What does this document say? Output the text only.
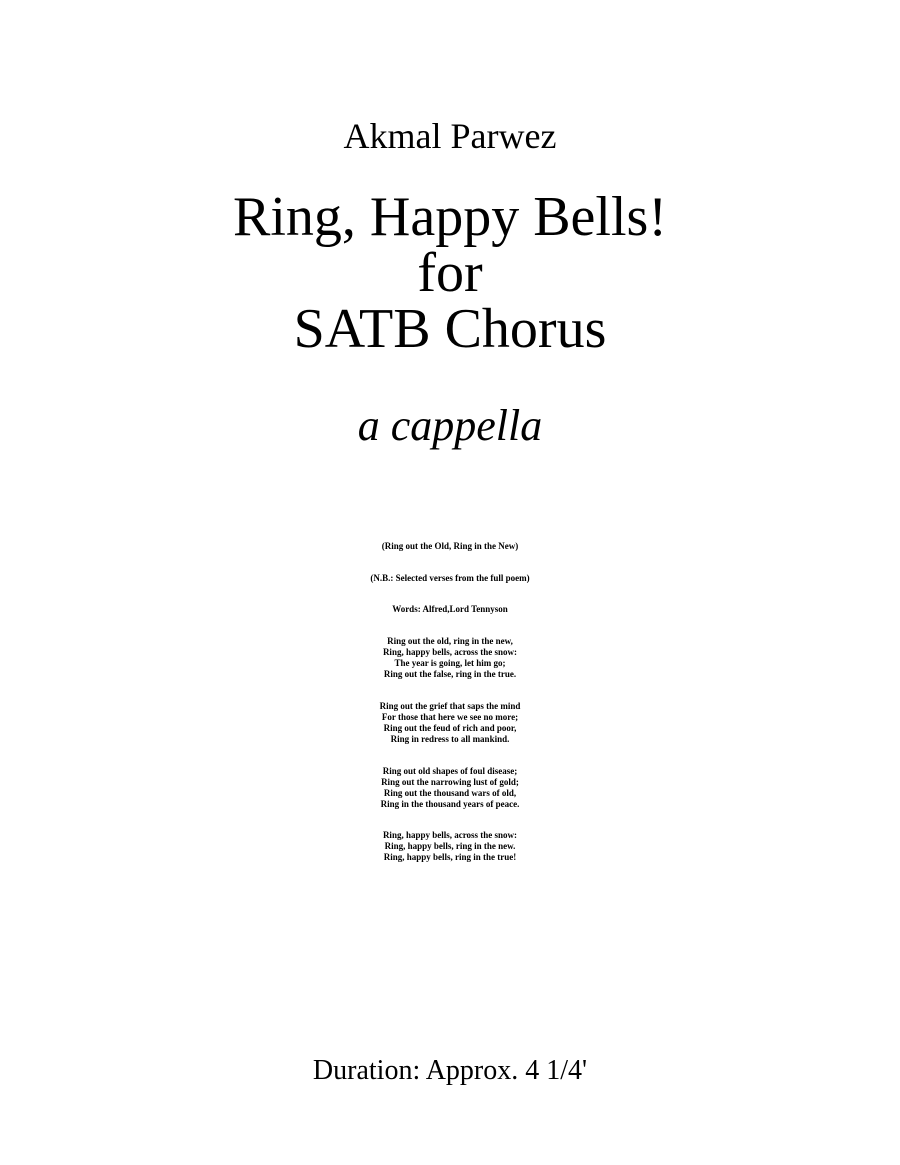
Akmal Parwez
Ring, Happy Bells!
for
SATB Chorus
a cappella
(Ring out the Old, Ring in the New)
(N.B.: Selected verses from the full poem)
Words: Alfred,Lord Tennyson
Ring out the old, ring in the new,
Ring, happy bells, across the snow:
The year is going, let him go;
Ring out the false, ring in the true.
Ring out the grief that saps the mind
For those that here we see no more;
Ring out the feud of rich and poor,
Ring in redress to all mankind.
Ring out old shapes of foul disease;
Ring out the narrowing lust of gold;
Ring out the thousand wars of old,
Ring in the thousand years of peace.
Ring, happy bells, across the snow:
Ring, happy bells, ring in the new.
Ring, happy bells, ring in the true!
Duration: Approx. 4 1/4'
